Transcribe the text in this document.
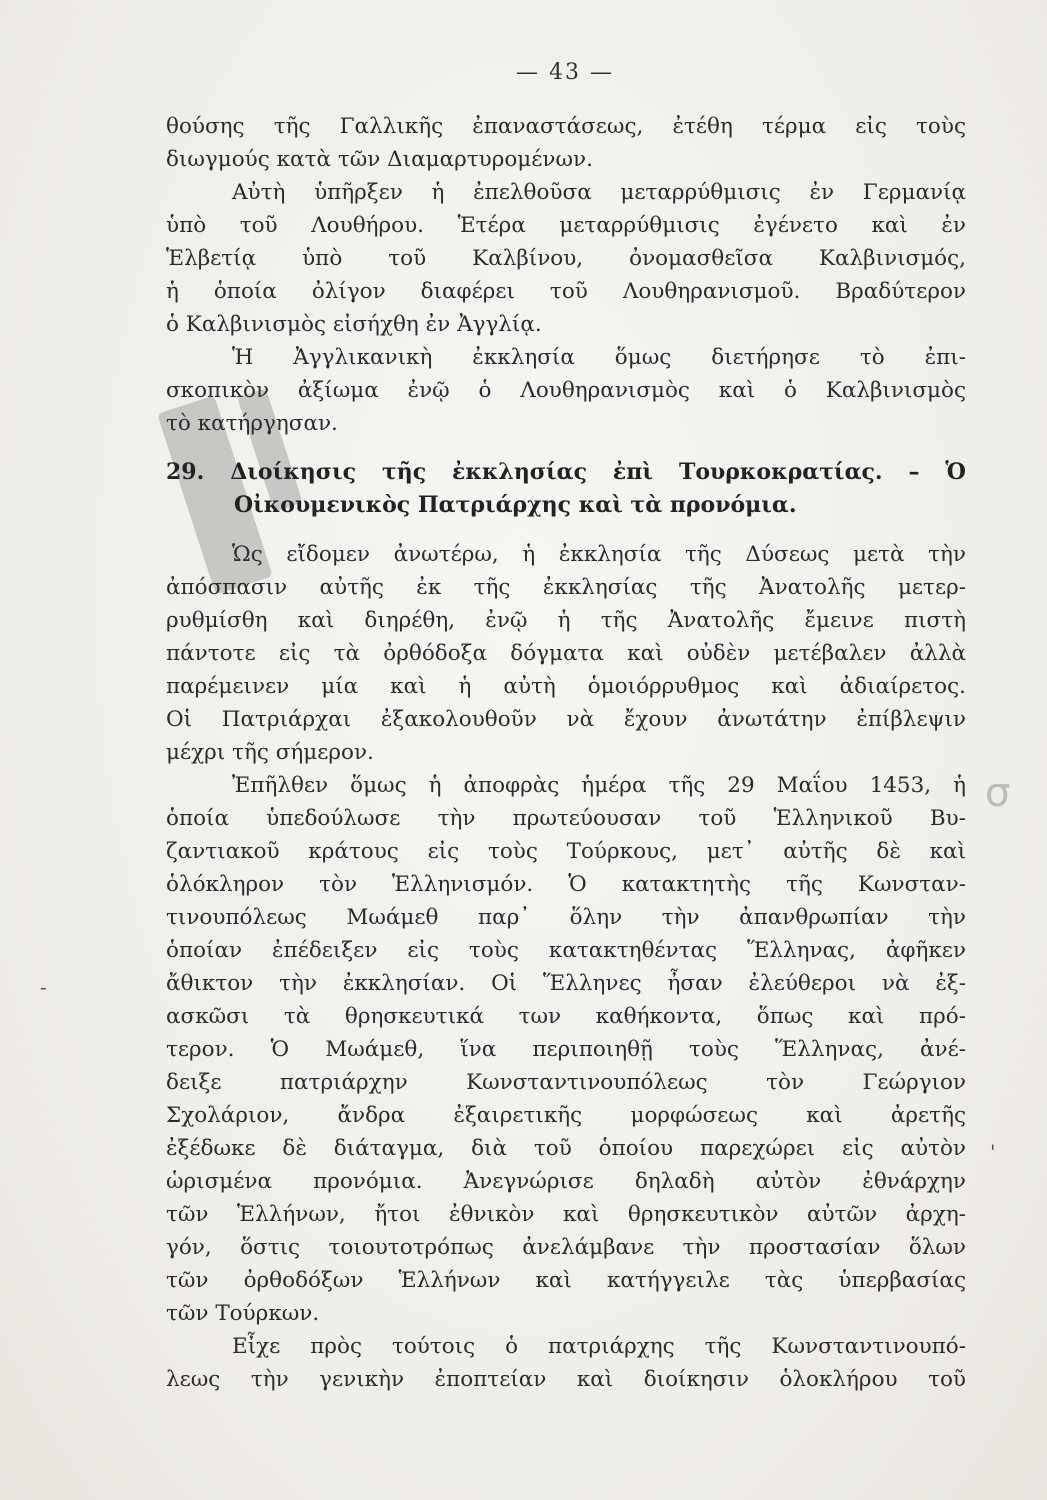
— 43 —
σ
-
'
θούσης τῆς Γαλλικῆς ἐπαναστάσεως, ἐτέθη τέρμα εἰς τοὺς
διωγμούς κατὰ τῶν Διαμαρτυρομένων.
Αὐτὴ ὑπῆρξεν ἡ ἐπελθοῦσα μεταρρύθμισις ἐν Γερμανίᾳ
ὑπὸ τοῦ Λουθήρου. Ἑτέρα μεταρρύθμισις ἐγένετο καὶ ἐν
Ἑλβετίᾳ ὑπὸ τοῦ Καλβίνου, ὀνομασθεῖσα Καλβινισμός,
ἡ ὁποία ὀλίγον διαφέρει τοῦ Λουθηρανισμοῦ. Βραδύτερον
ὁ Καλβινισμὸς εἰσήχθη ἐν Ἀγγλίᾳ.
Ἡ Ἀγγλικανικὴ ἐκκλησία ὅμως διετήρησε τὸ ἐπι-
σκοπικὸν ἀξίωμα ἐνῷ ὁ Λουθηρανισμὸς καὶ ὁ Καλβινισμὸς
τὸ κατήργησαν.
29. Διοίκησις τῆς ἐκκλησίας ἐπὶ Τουρκοκρατίας. – Ὁ
Οἰκουμενικὸς Πατριάρχης καὶ τὰ προνόμια.
Ὡς εἴδομεν ἀνωτέρω, ἡ ἐκκλησία τῆς Δύσεως μετὰ τὴν
ἀπόσπασιν αὐτῆς ἐκ τῆς ἐκκλησίας τῆς Ἀνατολῆς μετερ-
ρυθμίσθη καὶ διηρέθη, ἐνῷ ἡ τῆς Ἀνατολῆς ἔμεινε πιστὴ
πάντοτε εἰς τὰ ὀρθόδοξα δόγματα καὶ οὐδὲν μετέβαλεν ἀλλὰ
παρέμεινεν μία καὶ ἡ αὐτὴ ὁμοιόρρυθμος καὶ ἀδιαίρετος.
Οἱ Πατριάρχαι ἐξακολουθοῦν νὰ ἔχουν ἀνωτάτην ἐπίβλεψιν
μέχρι τῆς σήμερον.
Ἐπῆλθεν ὅμως ἡ ἀποφρὰς ἡμέρα τῆς 29 Μαΐου 1453, ἡ
ὁποία ὑπεδούλωσε τὴν πρωτεύουσαν τοῦ Ἑλληνικοῦ Βυ-
ζαντιακοῦ κράτους εἰς τοὺς Τούρκους, μετ᾽ αὐτῆς δὲ καὶ
ὁλόκληρον τὸν Ἑλληνισμόν. Ὁ κατακτητὴς τῆς Κωνσταν-
τινουπόλεως Μωάμεθ παρ᾽ ὅλην τὴν ἀπανθρωπίαν τὴν
ὁποίαν ἐπέδειξεν εἰς τοὺς κατακτηθέντας Ἕλληνας, ἀφῆκεν
ἄθικτον τὴν ἐκκλησίαν. Οἱ Ἕλληνες ἦσαν ἐλεύθεροι νὰ ἐξ-
ασκῶσι τὰ θρησκευτικά των καθήκοντα, ὅπως καὶ πρό-
τερον. Ὁ Μωάμεθ, ἵνα περιποιηθῇ τοὺς Ἕλληνας, ἀνέ-
δειξε πατριάρχην Κωνσταντινουπόλεως τὸν Γεώργιον
Σχολάριον, ἄνδρα ἐξαιρετικῆς μορφώσεως καὶ ἀρετῆς
ἐξέδωκε δὲ διάταγμα, διὰ τοῦ ὁποίου παρεχώρει εἰς αὐτὸν
ὡρισμένα προνόμια. Ἀνεγνώρισε δηλαδὴ αὐτὸν ἐθνάρχην
τῶν Ἑλλήνων, ἤτοι ἐθνικὸν καὶ θρησκευτικὸν αὐτῶν ἀρχη-
γόν, ὅστις τοιουτοτρόπως ἀνελάμβανε τὴν προστασίαν ὅλων
τῶν ὀρθοδόξων Ἑλλήνων καὶ κατήγγειλε τὰς ὑπερβασίας
τῶν Τούρκων.
Εἶχε πρὸς τούτοις ὁ πατριάρχης τῆς Κωνσταντινουπό-
λεως τὴν γενικὴν ἐποπτείαν καὶ διοίκησιν ὁλοκλήρου τοῦ
